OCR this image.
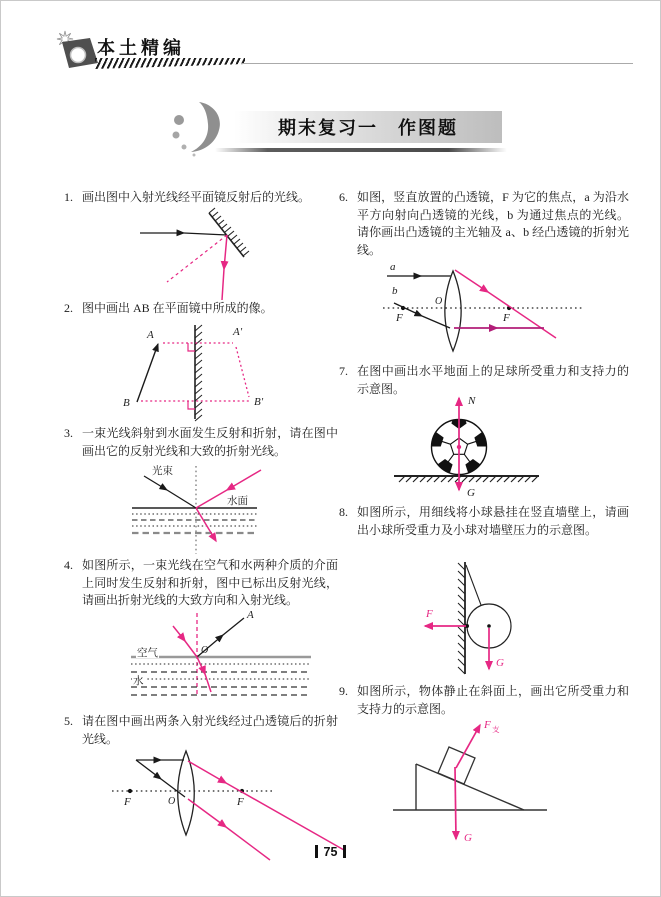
本土精编
期末复习一　作图题
1. 画出图中入射光线经平面镜反射后的光线。
2. 图中画出 AB 在平面镜中所成的像。
3. 一束光线斜射到水面发生反射和折射，请在图中画出它的反射光线和大致的折射光线。
4. 如图所示，一束光线在空气和水两种介质的介面上同时发生反射和折射，图中已标出反射光线，请画出折射光线的大致方向和入射光线。
5. 请在图中画出两条入射光线经过凸透镜后的折射光线。
6. 如图，竖直放置的凸透镜，F 为它的焦点，a 为沿水平方向射向凸透镜的光线，b 为通过焦点的光线。请你画出凸透镜的主光轴及 a、b 经凸透镜的折射光线。
7. 在图中画出水平地面上的足球所受重力和支持力的示意图。
8. 如图所示，用细线将小球悬挂在竖直墙壁上，请画出小球所受重力及小球对墙壁压力的示意图。
9. 如图所示，物体静止在斜面上，画出它所受重力和支持力的示意图。
A
B
A′
B′
光束
水面
空气
水
A
O
F	O	F
a
b
F
O
F
N
G
F
G
F 支
G
75
